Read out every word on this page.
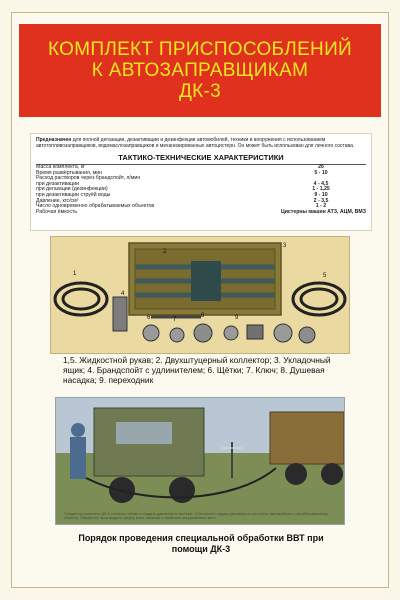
КОМПЛЕКТ ПРИСПОСОБЛЕНИЙ
К АВТОЗАПРАВЩИКАМ
ДК-3
Предназначен для полной дегазации, дезактивации и дезинфекции автомобилей, техники и вооружения с использованием автотопливозаправщиков, водомаслозаправщиков и механизированных автоцистерн. Он может быть использован для личного состава.
ТАКТИКО-ТЕХНИЧЕСКИЕ ХАРАКТЕРИСТИКИ
Масса комплекта, кг	26
Время развёртывания, мин	5 - 10
Расход растворов через брандспойт, л/мин
при дезактивации	4 - 4,5
при дегазации (дезинфекции)	1 - 1,25
при дезактивации струёй воды	9 - 10
Давление, кгс/см²	2 - 3,5
Число одновременно обрабатываемых объектов	1 - 2
Рабочая ёмкость	Цистерны машин АТЗ, АЦМ, ВМЗ
1
2
3
4
5
6	7
8	9
1,5. Жидкостной рукав; 2. Двухштуцерный коллектор; 3. Укладочный ящик; 4. Брандспойт с удлинителем; 6. Щётки; 7. Ключ; 8. Душевая насадка; 9. переходник
Соединить комплект ДК-3 согласно схеме и создать давление в системе. Обеспечить подачу раствора из цистерны автомобиля к обрабатываемому объекту. Обработку производить сверху вниз, начиная с наиболее загрязнённых мест.
Порядок проведения специальной обработки ВВТ при помощи ДК-3
